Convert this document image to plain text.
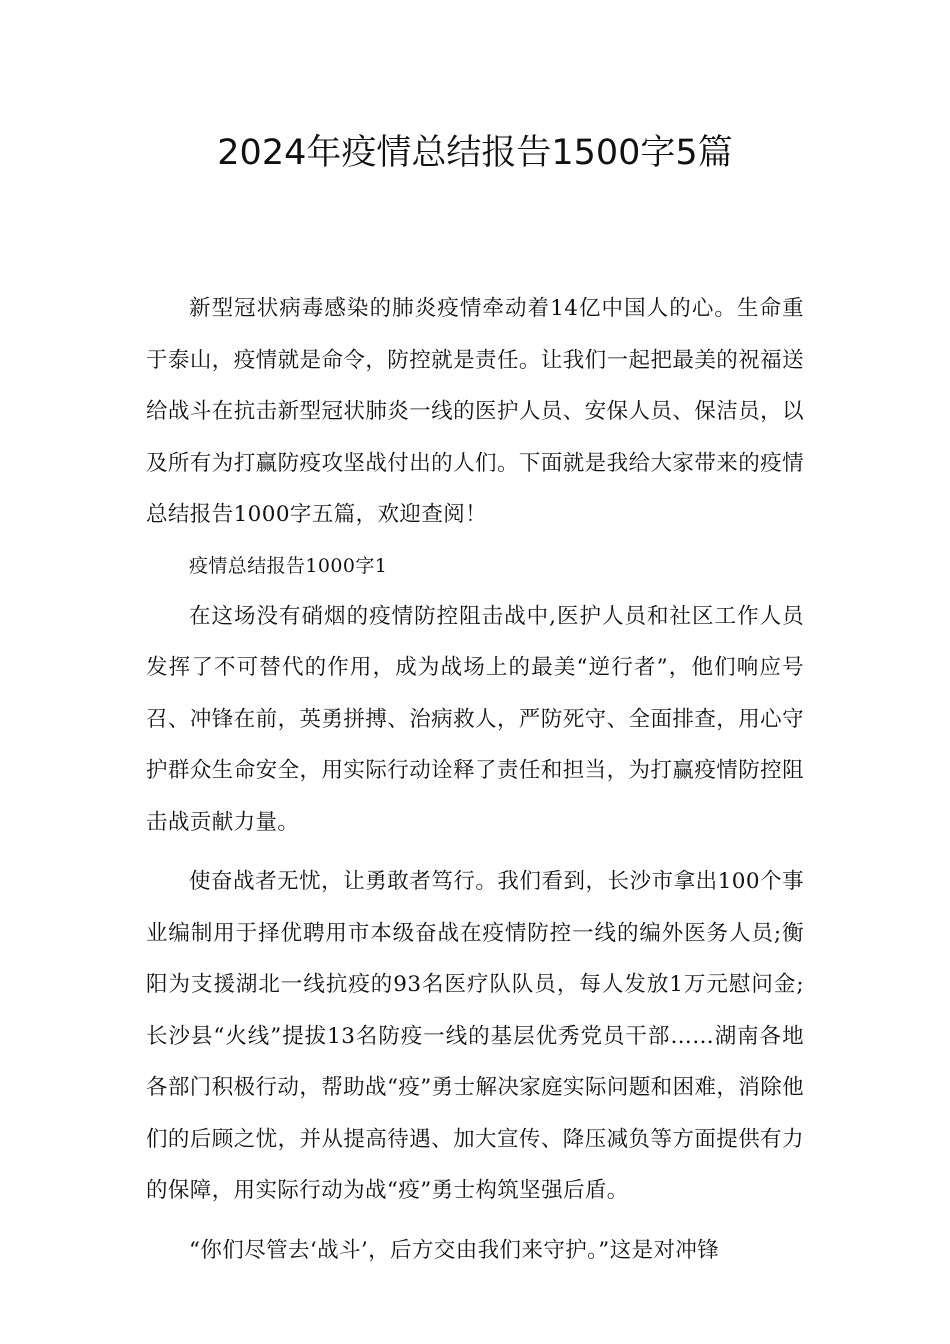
2024年疫情总结报告1500字5篇

新型冠状病毒感染的肺炎疫情牵动着14亿中国人的心。生命重于泰山，疫情就是命令，防控就是责任。让我们一起把最美的祝福送给战斗在抗击新型冠状肺炎一线的医护人员、安保人员、保洁员，以及所有为打赢防疫攻坚战付出的人们。下面就是我给大家带来的疫情总结报告1000字五篇，欢迎查阅！

疫情总结报告1000字1

在这场没有硝烟的疫情防控阻击战中,医护人员和社区工作人员发挥了不可替代的作用，成为战场上的最美“逆行者”，他们响应号召、冲锋在前，英勇拼搏、治病救人，严防死守、全面排查，用心守护群众生命安全，用实际行动诠释了责任和担当，为打赢疫情防控阻击战贡献力量。

使奋战者无忧，让勇敢者笃行。我们看到，长沙市拿出100个事业编制用于择优聘用市本级奋战在疫情防控一线的编外医务人员;衡阳为支援湖北一线抗疫的93名医疗队队员，每人发放1万元慰问金;长沙县“火线”提拔13名防疫一线的基层优秀党员干部……湖南各地各部门积极行动，帮助战“疫”勇士解决家庭实际问题和困难，消除他们的后顾之忧，并从提高待遇、加大宣传、降压减负等方面提供有力的保障，用实际行动为战“疫”勇士构筑坚强后盾。

“你们尽管去‘战斗’，后方交由我们来守护。”这是对冲锋
